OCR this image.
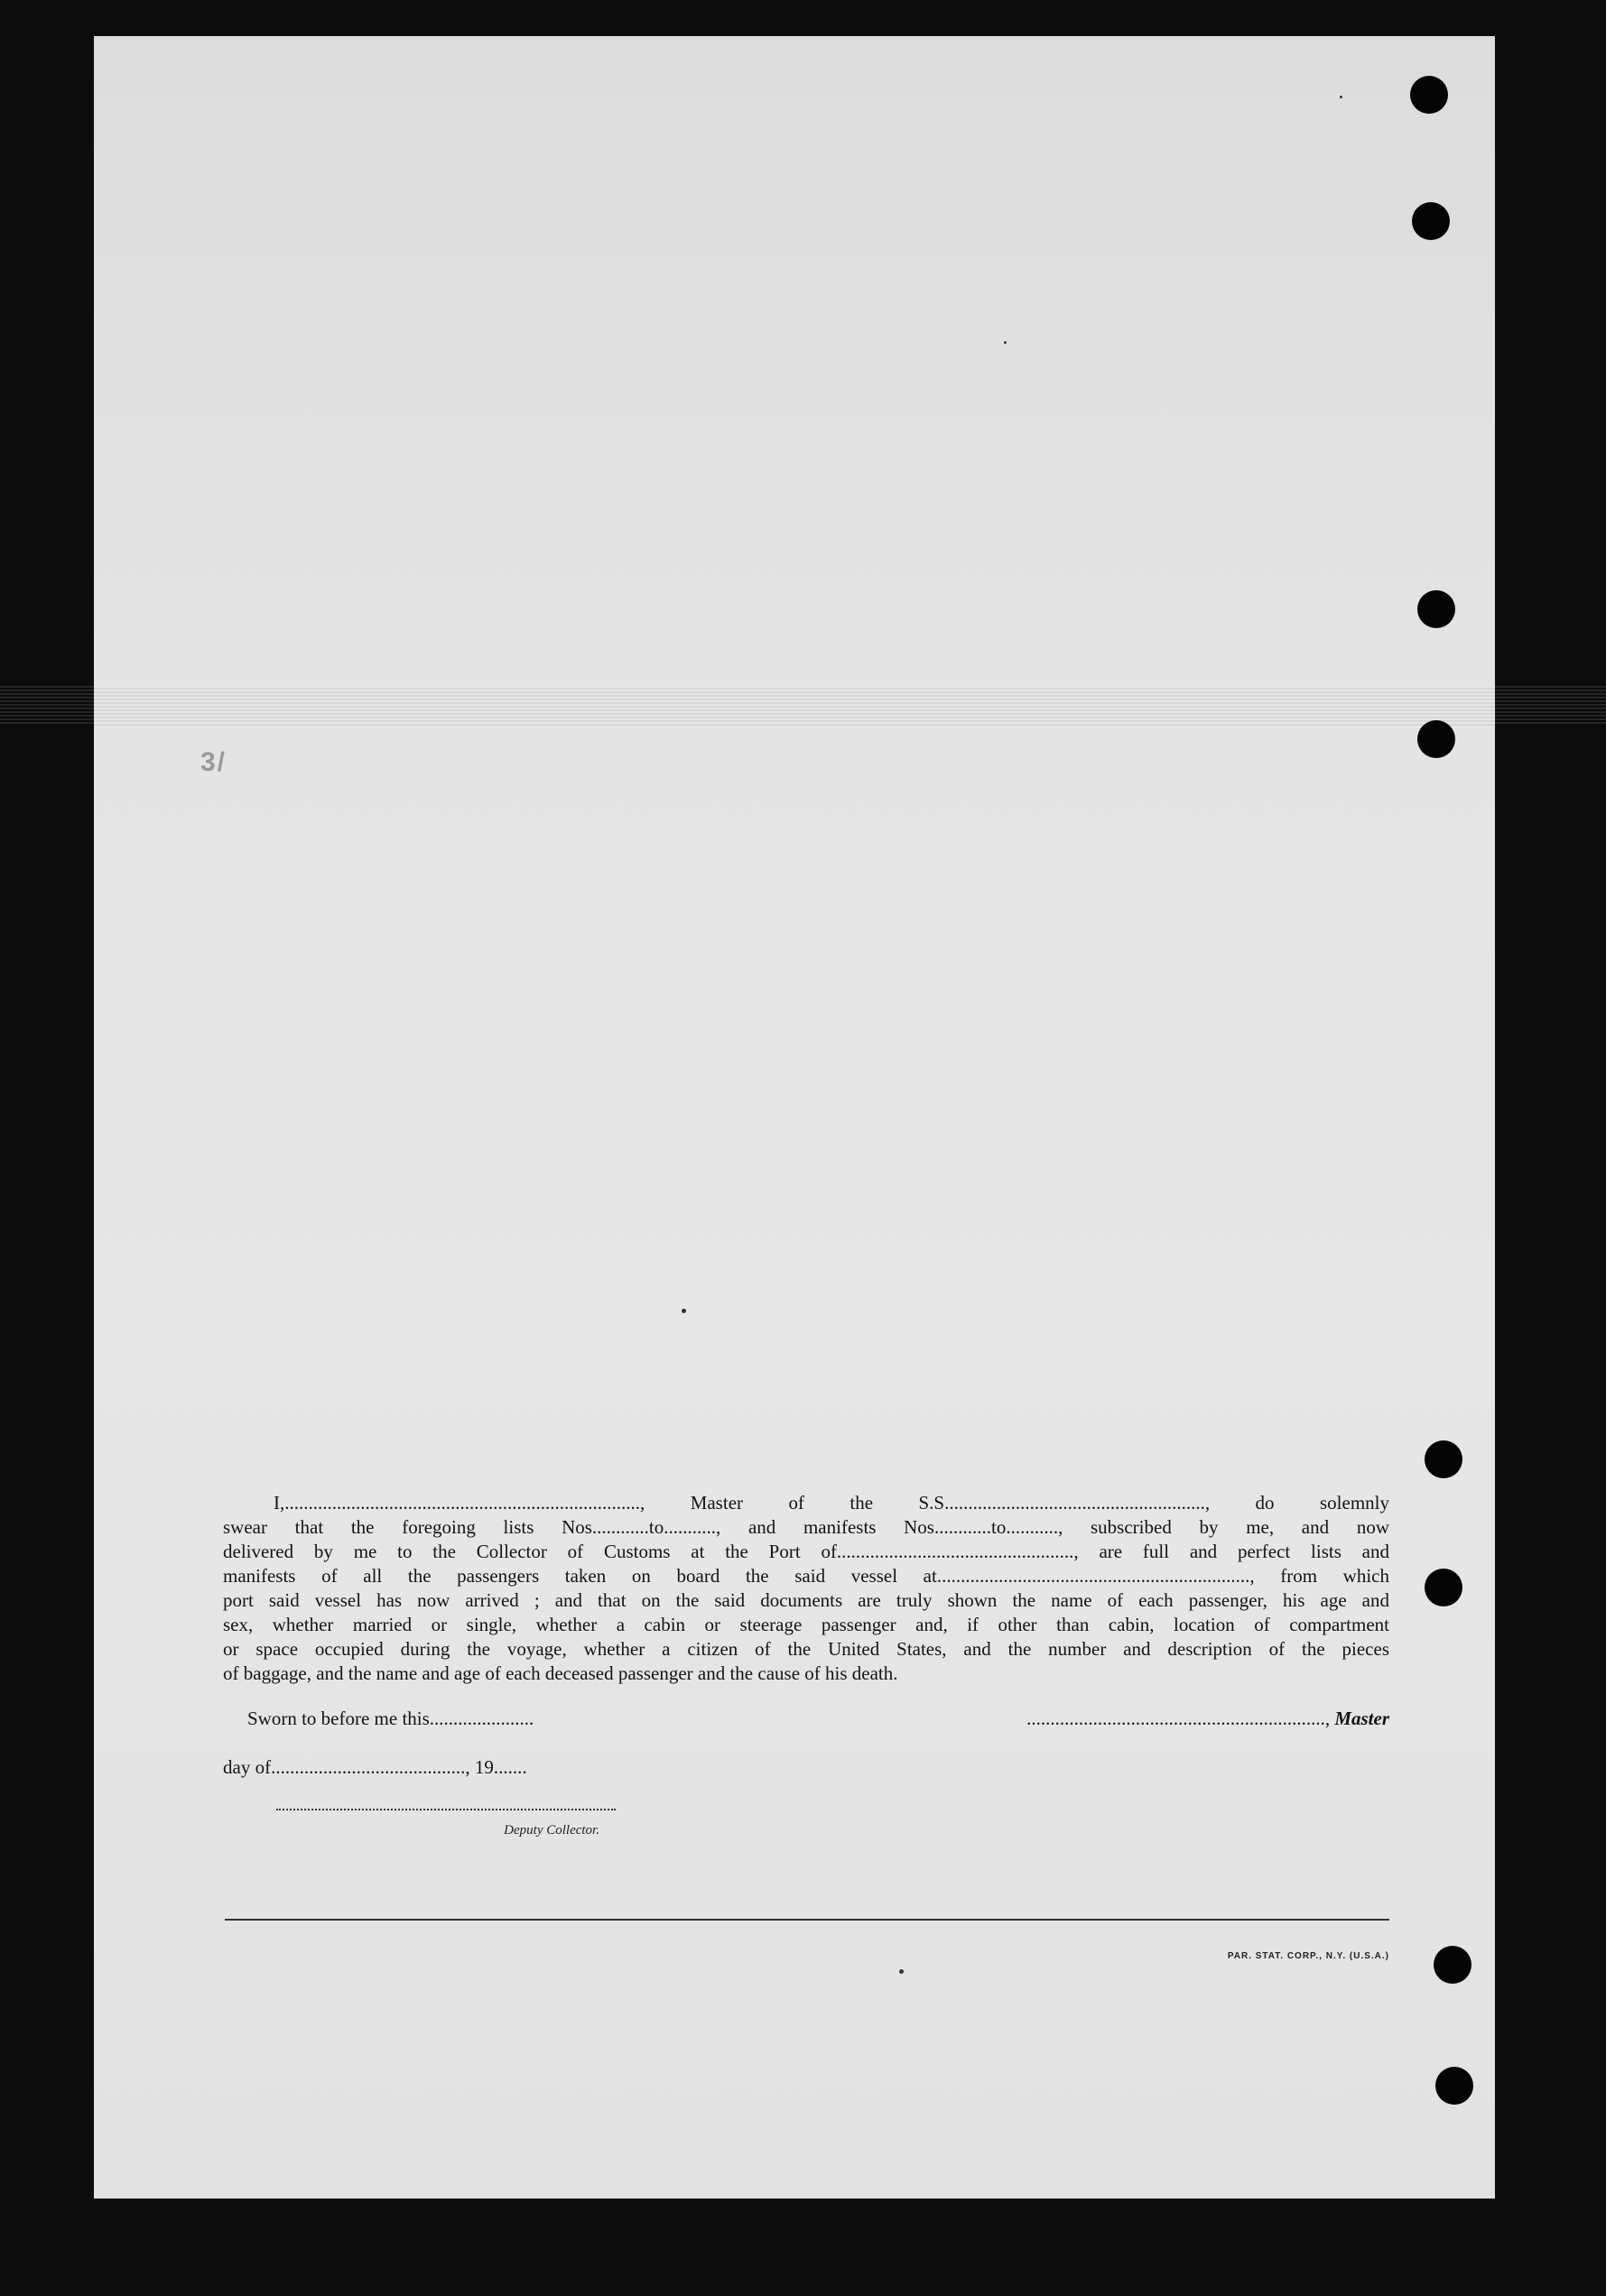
3/
I,..........................................................................., Master of the S.S......................................................., do solemnly
swear that the foregoing lists Nos............to..........., and manifests Nos............to..........., subscribed by me, and now
delivered by me to the Collector of Customs at the Port of.................................................., are full and perfect lists and
manifests of all the passengers taken on board the said vessel at.................................................................., from which
port said vessel has now arrived ; and that on the said documents are truly shown the name of each passenger, his age and
sex, whether married or single, whether a cabin or steerage passenger and, if other than cabin, location of compartment
or space occupied during the voyage, whether a citizen of the United States, and the number and description of the pieces
of baggage, and the name and age of each deceased passenger and the cause of his death.
Sworn to before me this......................	..............................................................., Master
day of........................................., 19.......
Deputy Collector.
PAR. STAT. CORP., N.Y. (U.S.A.)
